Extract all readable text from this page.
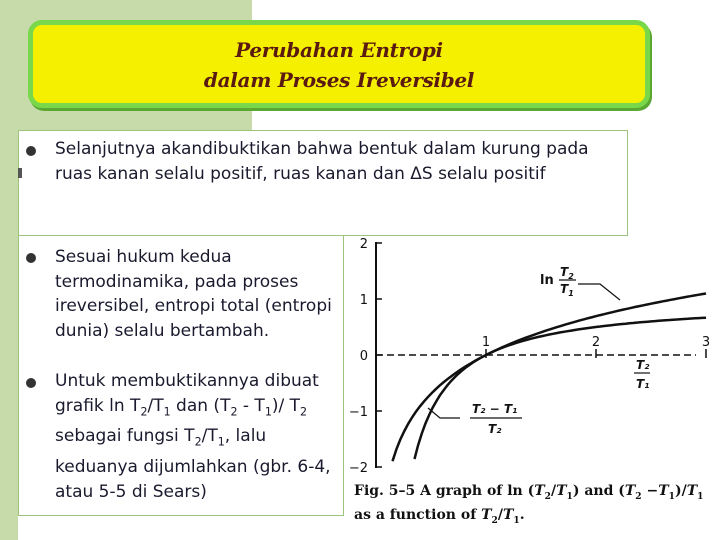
Perubahan Entropi
dalam Proses Ireversibel
Selanjutnya akandibuktikan bahwa bentuk dalam kurung pada ruas kanan selalu positif, ruas kanan dan ΔS selalu positif
Sesuai hukum kedua termodinamika, pada proses ireversibel, entropi total (entropi dunia) selalu bertambah.
Untuk membuktikannya dibuat grafik $\ln T_2/T_1$ dan $(T_2 - T_1)/$ $T_2$ sebagai fungsi $T_2/T_1$, lalu keduanya dijumlahkan (gbr. 6-4, atau 5-5 di Sears)
2
1
0
−1
−2
1	2	3
ln
$T_2$
$T_1$
T₂ − T₁
T₂
T₂
T₁
Fig. 5–5 A graph of $\ln (T_2/T_1)$ and $(T_2 -T_1)/T_1$ as a function of $T_2/T_1$.
